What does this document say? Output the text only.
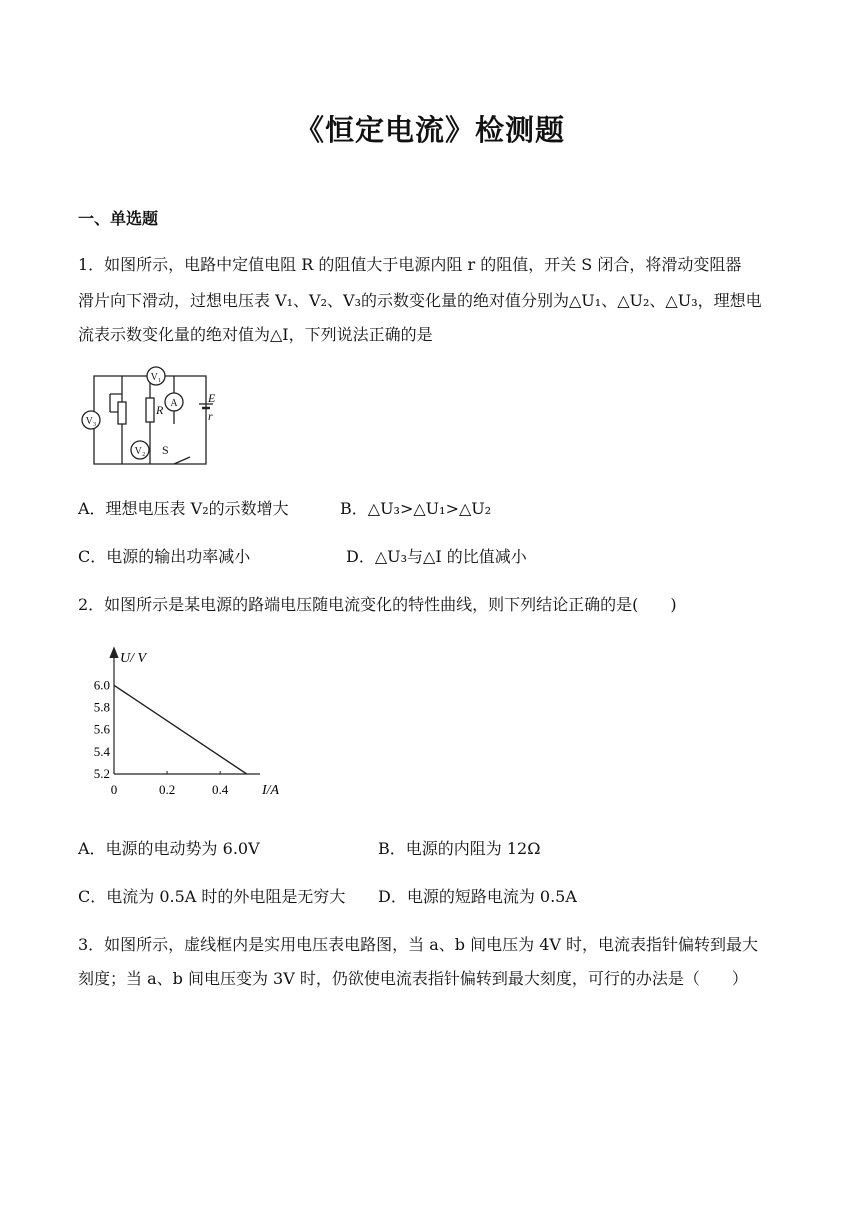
《恒定电流》检测题
一、单选题
1．如图所示，电路中定值电阻 R 的阻值大于电源内阻 r 的阻值，开关 S 闭合，将滑动变阻器
滑片向下滑动，过想电压表 V₁、V₂、V₃的示数变化量的绝对值分别为△U₁、△U₂、△U₃，理想电
流表示数变化量的绝对值为△I，下列说法正确的是
V₁
V₃
V₂
A
R
E
r
S
A．理想电压表 V₂的示数增大	B．△U₃>△U₁>△U₂
C．电源的输出功率减小	D．△U₃与△I 的比值减小
2．如图所示是某电源的路端电压随电流变化的特性曲线，则下列结论正确的是(　　)
U/ V
I/A
6.0
5.8
5.6
5.4
5.2
0	0.2	0.4
A．电源的电动势为 6.0V	B．电源的内阻为 12Ω
C．电流为 0.5A 时的外电阻是无穷大 D．电源的短路电流为 0.5A
3．如图所示，虚线框内是实用电压表电路图，当 a、b 间电压为 4V 时，电流表指针偏转到最大
刻度；当 a、b 间电压变为 3V 时，仍欲使电流表指针偏转到最大刻度，可行的办法是（　　）
